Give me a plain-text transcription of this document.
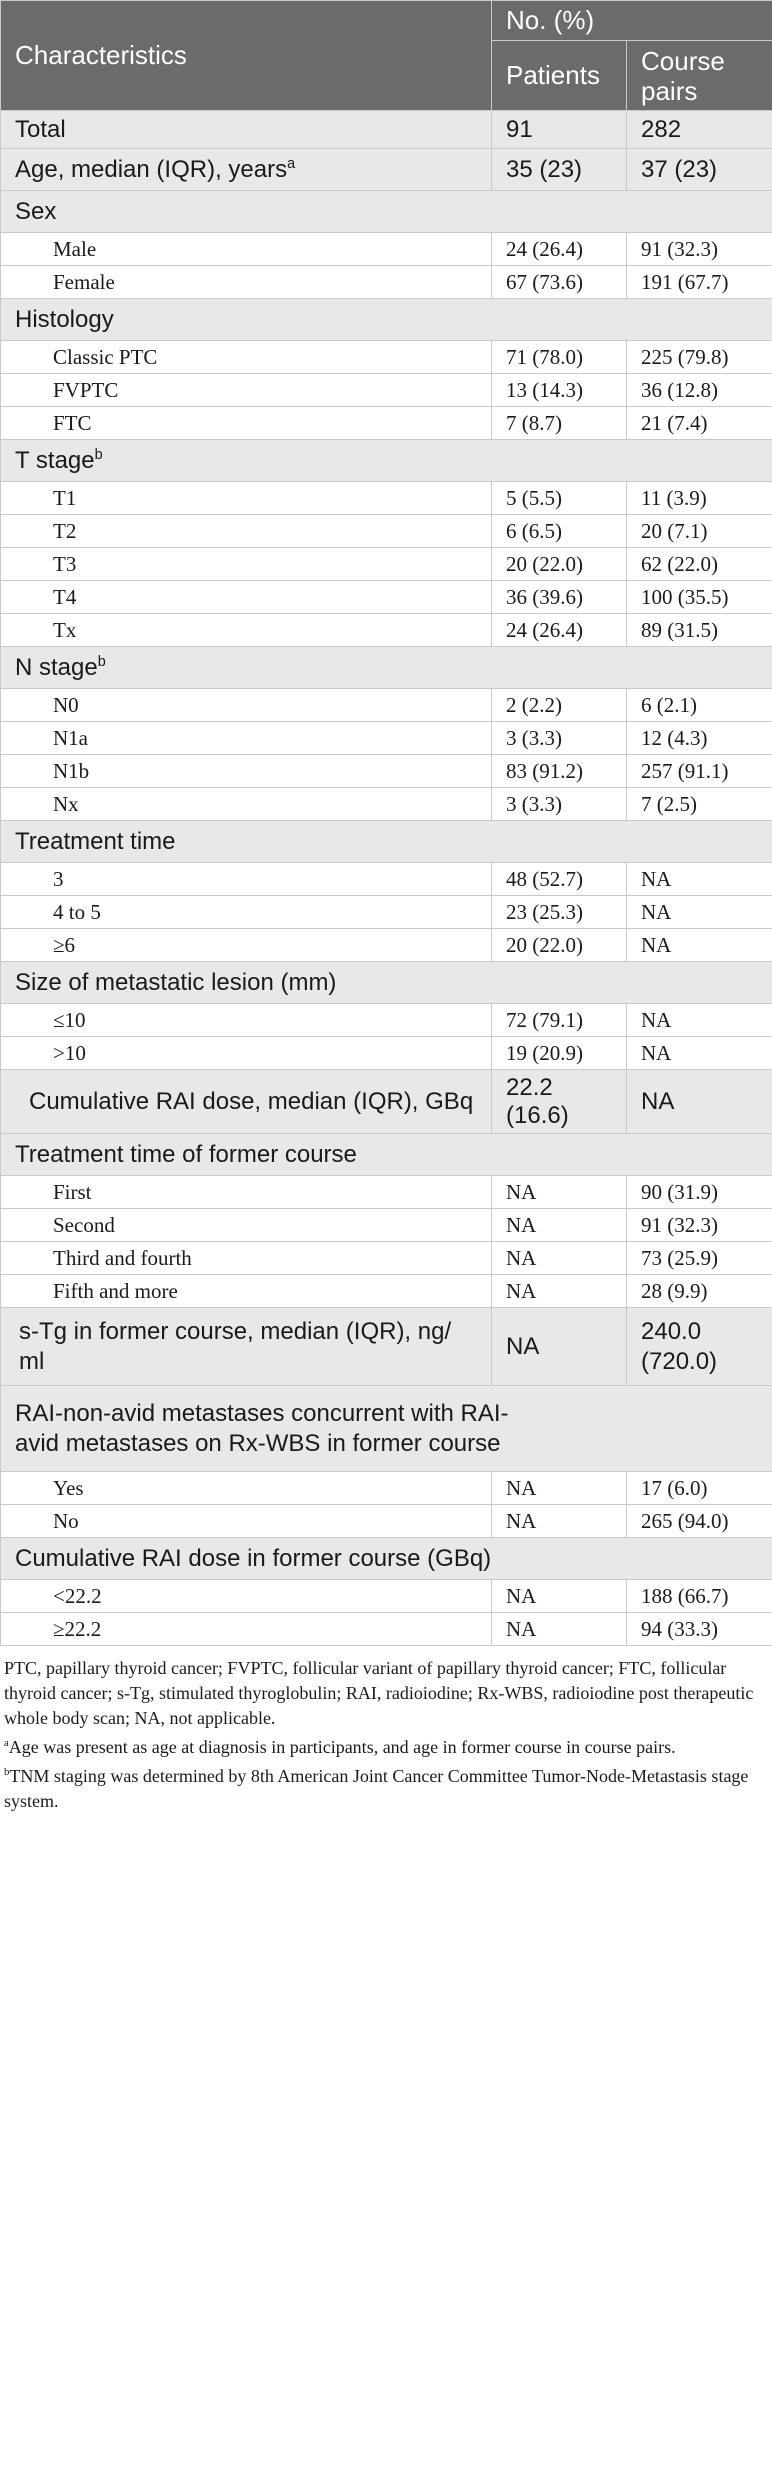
Characteristics	No. (%)	
	Patients	Course pairs
Total	91	282
Age, median (IQR), years$^a$	35 (23)	37 (23)
Sex		
Male	24 (26.4)	91 (32.3)
Female	67 (73.6)	191 (67.7)
Histology		
Classic PTC	71 (78.0)	225 (79.8)
FVPTC	13 (14.3)	36 (12.8)
FTC	7 (8.7)	21 (7.4)
T stage$^b$
T1	5 (5.5)	11 (3.9)
T2	6 (6.5)	20 (7.1)
T3	20 (22.0)	62 (22.0)
T4	36 (39.6)	100 (35.5)
Tx	24 (26.4)	89 (31.5)
N stage$^b$
N0	2 (2.2)	6 (2.1)
N1a	3 (3.3)	12 (4.3)
N1b	83 (91.2)	257 (91.1)
Nx	3 (3.3)	7 (2.5)
Treatment time		
3	48 (52.7)	NA
4 to 5	23 (25.3)	NA
≥6	20 (22.0)	NA
Size of metastatic lesion (mm)		
≤10	72 (79.1)	NA
>10	19 (20.9)	NA
Cumulative RAI dose, median (IQR), GBq	22.2 (16.6)	NA
Treatment time of former course		
First	NA	90 (31.9)
Second	NA	91 (32.3)
Third and fourth	NA	73 (25.9)
Fifth and more	NA	28 (9.9)
s-Tg in former course, median (IQR), ng/ ml	NA	240.0 (720.0)
RAI-non-avid metastases concurrent with RAI-avid metastases on Rx-WBS in former course		
Yes	NA	17 (6.0)
No	NA	265 (94.0)
Cumulative RAI dose in former course (GBq)		
<22.2	NA	188 (66.7)
≥22.2	NA	94 (33.3)

PTC, papillary thyroid cancer; FVPTC, follicular variant of papillary thyroid cancer; FTC, follicular thyroid cancer; s-Tg, stimulated thyroglobulin; RAI, radioiodine; Rx-WBS, radioiodine post therapeutic whole body scan; NA, not applicable.

$^a$Age was present as age at diagnosis in participants, and age in former course in course pairs.

$^b$TNM staging was determined by 8th American Joint Cancer Committee Tumor-Node-Metastasis stage system.
